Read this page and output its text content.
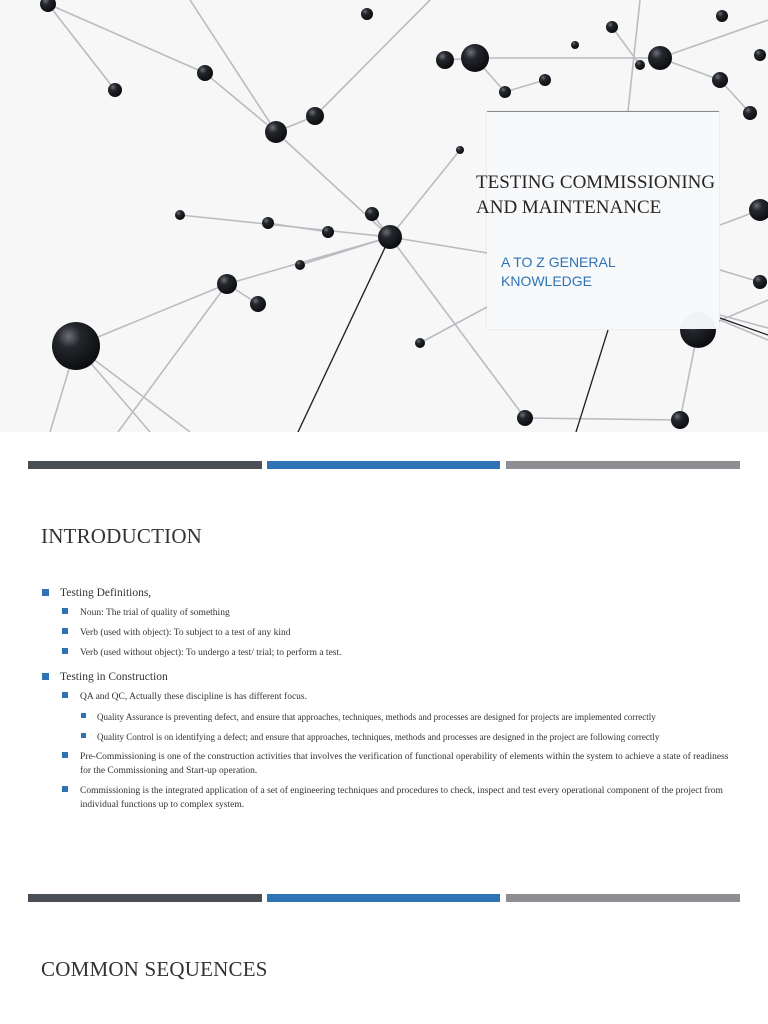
TESTING COMMISSIONING AND MAINTENANCE
A TO Z GENERAL KNOWLEDGE
INTRODUCTION

Testing Definitions,

Noun: The trial of quality of something

Verb (used with object): To subject to a test of any kind

Verb (used without object): To undergo a test/ trial; to perform a test.

Testing in Construction

QA and QC, Actually these discipline is has different focus.

Quality Assurance is preventing defect, and ensure that approaches, techniques, methods and processes are designed for projects are implemented correctly

Quality Control is on identifying a defect; and ensure that approaches, techniques, methods and processes are designed in the project are following correctly

Pre-Commissioning is one of the construction activities that involves the verification of functional operability of elements within the system to achieve a state of readiness for the Commissioning and Start-up operation.

Commissioning is the integrated application of a set of engineering techniques and procedures to check, inspect and test every operational component of the project from individual functions up to complex system.

COMMON SEQUENCES
